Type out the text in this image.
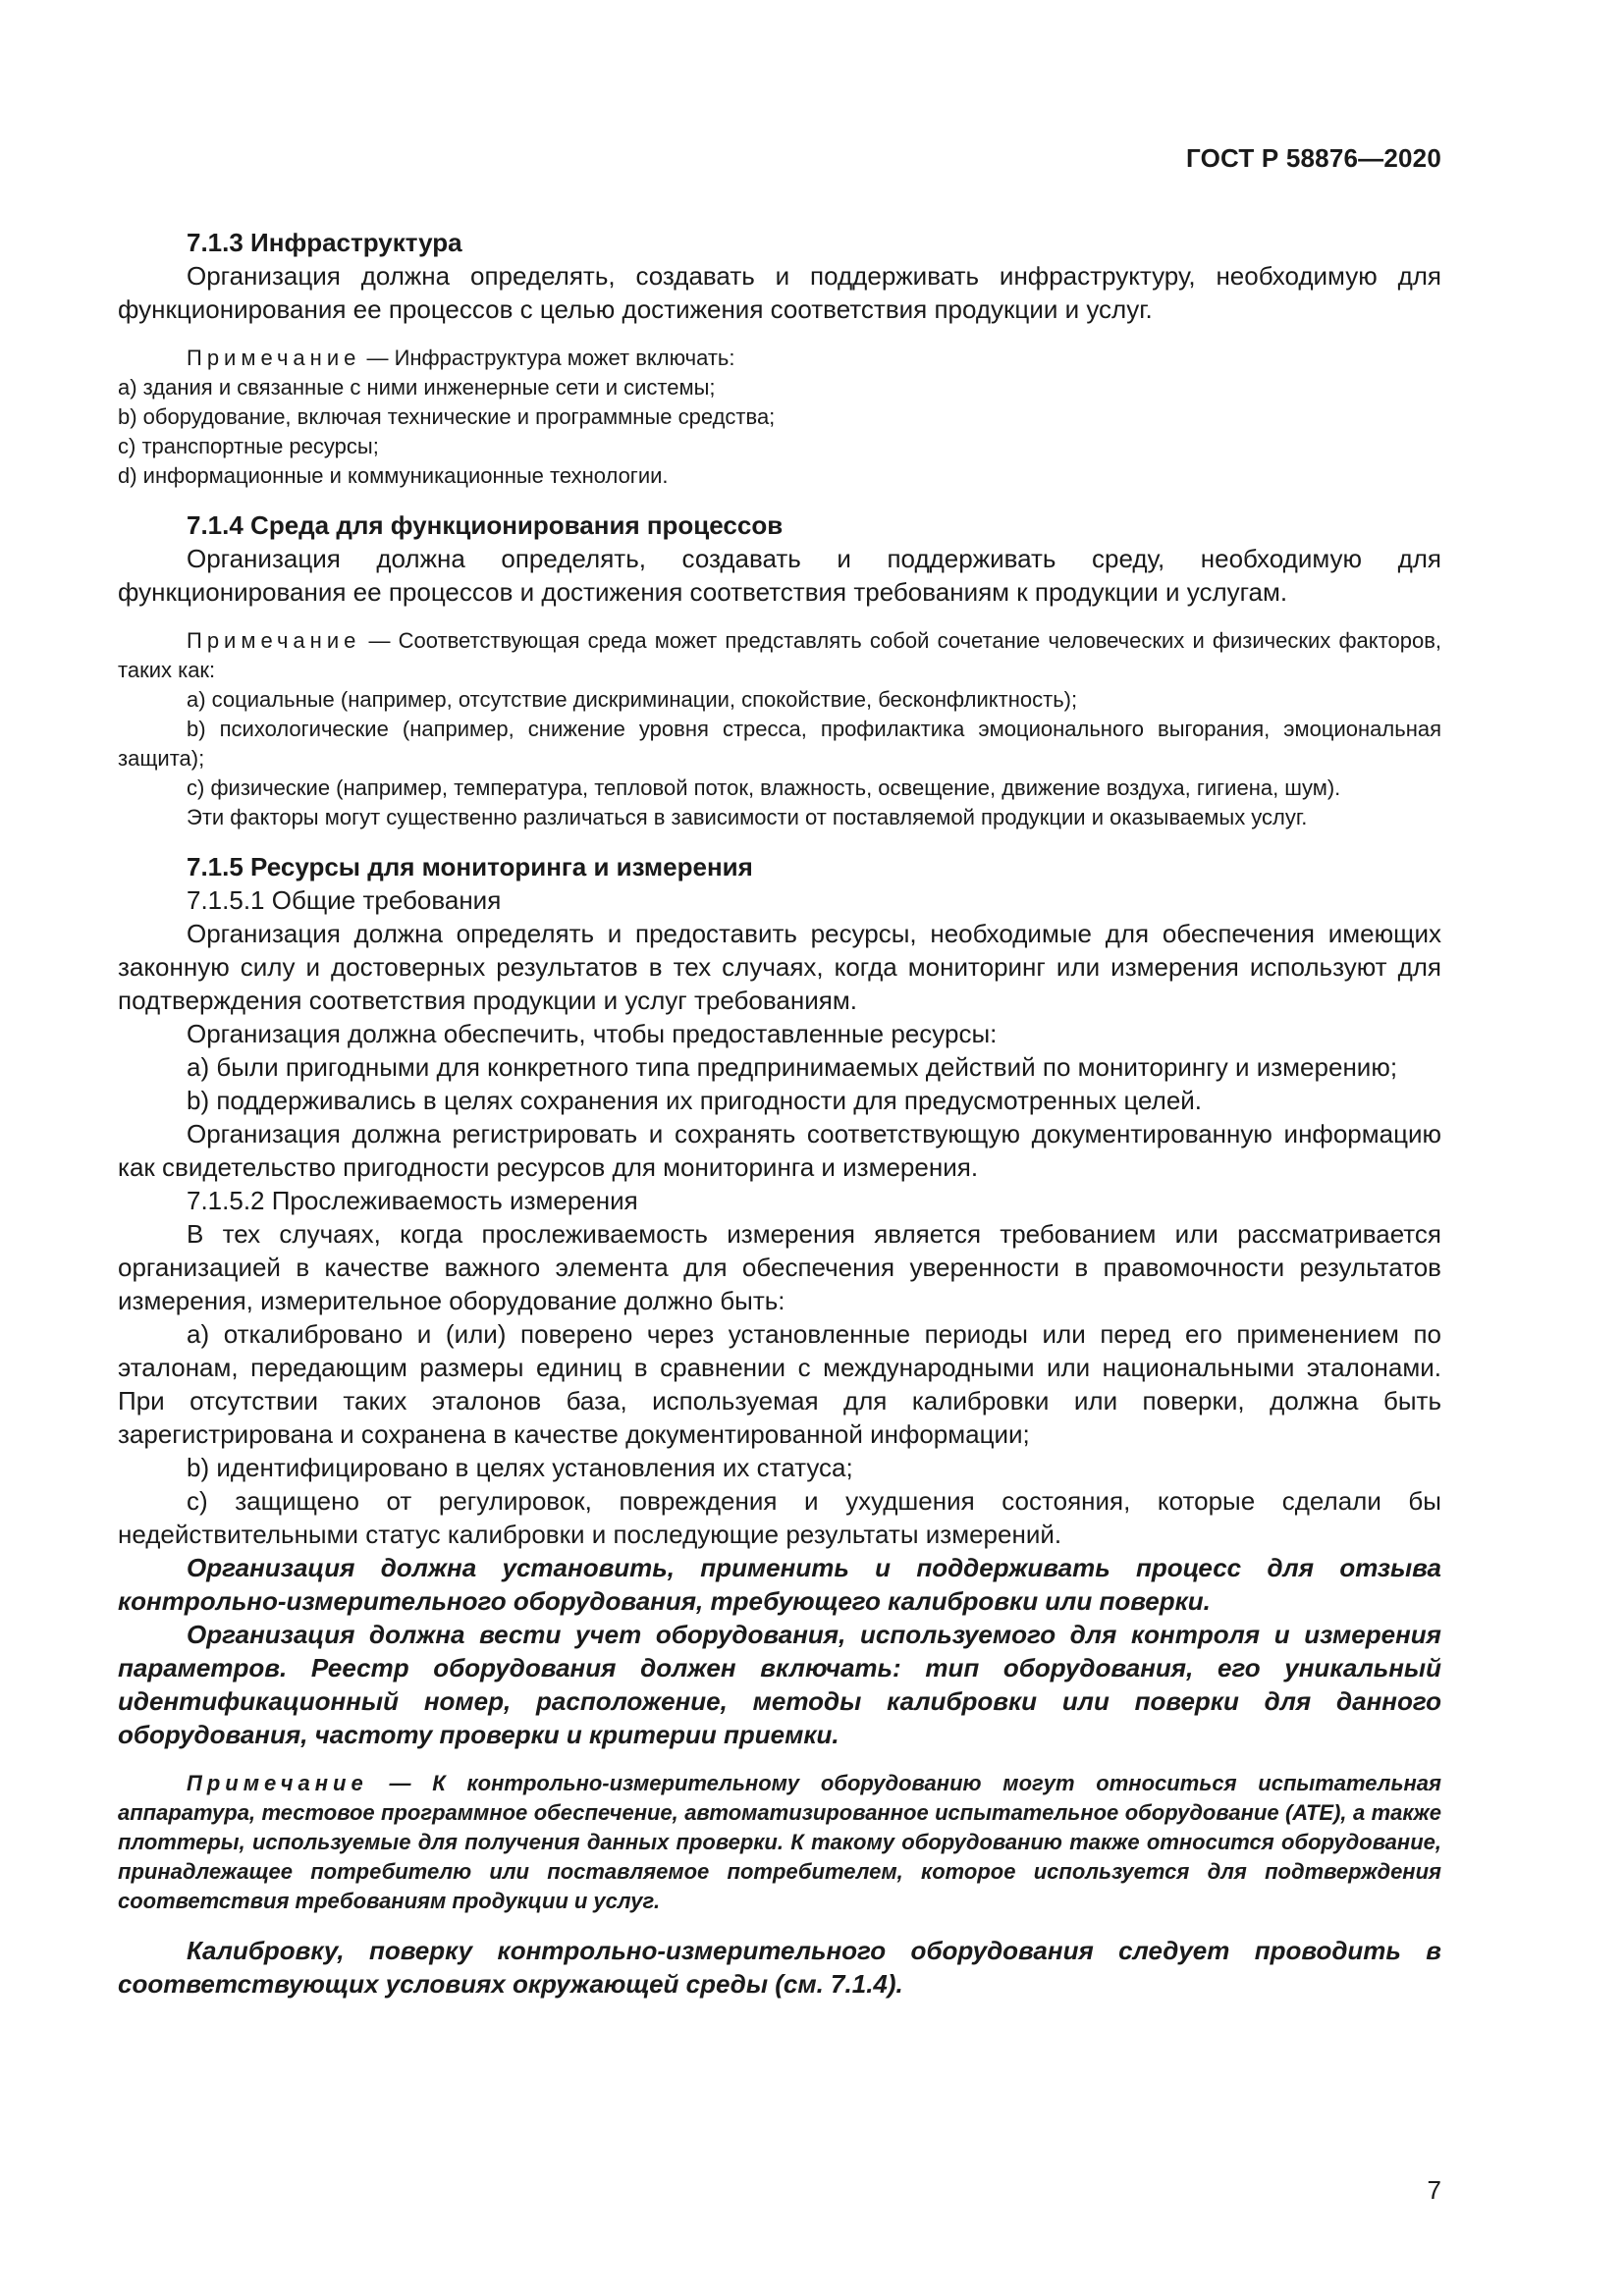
ГОСТ Р 58876—2020

7.1.3 Инфраструктура

Организация должна определять, создавать и поддерживать инфраструктуру, необходимую для функционирования ее процессов с целью достижения соответствия продукции и услуг.

Примечание — Инфраструктура может включать:

a) здания и связанные с ними инженерные сети и системы;

b) оборудование, включая технические и программные средства;

c) транспортные ресурсы;

d) информационные и коммуникационные технологии.

7.1.4 Среда для функционирования процессов

Организация должна определять, создавать и поддерживать среду, необходимую для функционирования ее процессов и достижения соответствия требованиям к продукции и услугам.

Примечание — Соответствующая среда может представлять собой сочетание человеческих и физических факторов, таких как:

a) социальные (например, отсутствие дискриминации, спокойствие, бесконфликтность);

b) психологические (например, снижение уровня стресса, профилактика эмоционального выгорания, эмоциональная защита);

c) физические (например, температура, тепловой поток, влажность, освещение, движение воздуха, гигиена, шум).

Эти факторы могут существенно различаться в зависимости от поставляемой продукции и оказываемых услуг.

7.1.5 Ресурсы для мониторинга и измерения

7.1.5.1 Общие требования

Организация должна определять и предоставить ресурсы, необходимые для обеспечения имеющих законную силу и достоверных результатов в тех случаях, когда мониторинг или измерения используют для подтверждения соответствия продукции и услуг требованиям.

Организация должна обеспечить, чтобы предоставленные ресурсы:

a) были пригодными для конкретного типа предпринимаемых действий по мониторингу и измерению;

b) поддерживались в целях сохранения их пригодности для предусмотренных целей.

Организация должна регистрировать и сохранять соответствующую документированную информацию как свидетельство пригодности ресурсов для мониторинга и измерения.

7.1.5.2 Прослеживаемость измерения

В тех случаях, когда прослеживаемость измерения является требованием или рассматривается организацией в качестве важного элемента для обеспечения уверенности в правомочности результатов измерения, измерительное оборудование должно быть:

a) откалибровано и (или) поверено через установленные периоды или перед его применением по эталонам, передающим размеры единиц в сравнении с международными или национальными эталонами. При отсутствии таких эталонов база, используемая для калибровки или поверки, должна быть зарегистрирована и сохранена в качестве документированной информации;

b) идентифицировано в целях установления их статуса;

c) защищено от регулировок, повреждения и ухудшения состояния, которые сделали бы недействительными статус калибровки и последующие результаты измерений.

Организация должна установить, применить и поддерживать процесс для отзыва контрольно-измерительного оборудования, требующего калибровки или поверки.

Организация должна вести учет оборудования, используемого для контроля и измерения параметров. Реестр оборудования должен включать: тип оборудования, его уникальный идентификационный номер, расположение, методы калибровки или поверки для данного оборудования, частоту проверки и критерии приемки.

Примечание — К контрольно-измерительному оборудованию могут относиться испытательная аппаратура, тестовое программное обеспечение, автоматизированное испытательное оборудование (АТЕ), а также плоттеры, используемые для получения данных проверки. К такому оборудованию также относится оборудование, принадлежащее потребителю или поставляемое потребителем, которое используется для подтверждения соответствия требованиям продукции и услуг.

Калибровку, поверку контрольно-измерительного оборудования следует проводить в соответствующих условиях окружающей среды (см. 7.1.4).

7
